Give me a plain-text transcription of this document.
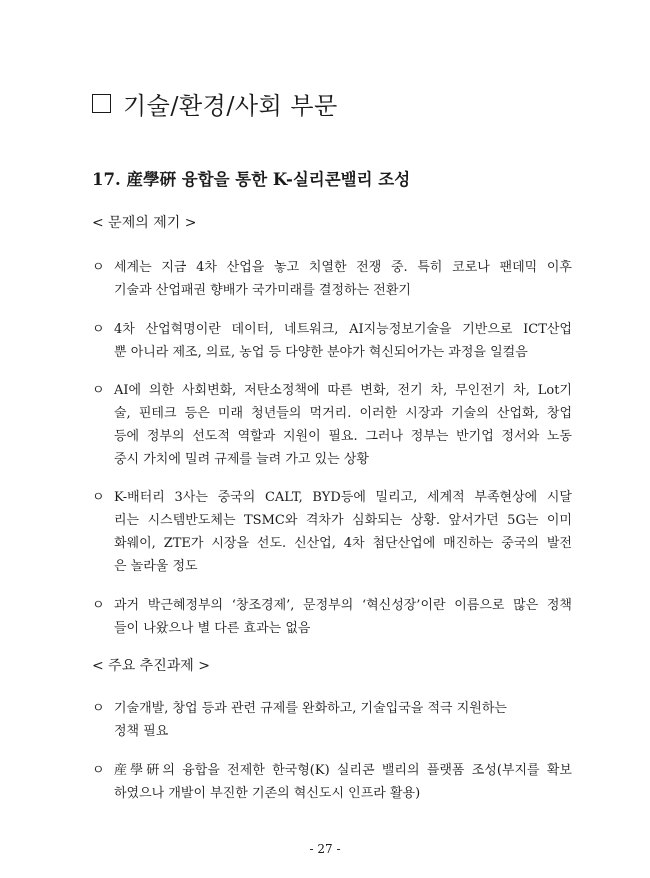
기술/환경/사회 부문
17. 産學硏 융합을 통한 K-실리콘밸리 조성
< 문제의 제기 >
ㅇ 세계는 지금 4차 산업을 놓고 치열한 전쟁 중. 특히 코로나 팬데믹 이후
기술과 산업패권 향배가 국가미래를 결정하는 전환기
ㅇ 4차 산업혁명이란 데이터, 네트워크, AI지능정보기술을 기반으로 ICT산업
뿐 아니라 제조, 의료, 농업 등 다양한 분야가 혁신되어가는 과정을 일컬음
ㅇ AI에 의한 사회변화, 저탄소정책에 따른 변화, 전기 차, 무인전기 차, Lot기
술, 핀테크 등은 미래 청년들의 먹거리. 이러한 시장과 기술의 산업화, 창업
등에 정부의 선도적 역할과 지원이 필요. 그러나 정부는 반기업 정서와 노동
중시 가치에 밀려 규제를 늘려 가고 있는 상황
ㅇ K-배터리 3사는 중국의 CALT, BYD등에 밀리고, 세계적 부족현상에 시달
리는 시스템반도체는 TSMC와 격차가 심화되는 상황. 앞서가던 5G는 이미
화웨이, ZTE가 시장을 선도. 신산업, 4차 첨단산업에 매진하는 중국의 발전
은 놀라울 정도
ㅇ 과거 박근혜정부의 ‘창조경제’, 문정부의 ‘혁신성장’이란 이름으로 많은 정책
들이 나왔으나 별 다른 효과는 없음
< 주요 추진과제 >
ㅇ 기술개발, 창업 등과 관련 규제를 완화하고, 기술입국을 적극 지원하는
정책 필요
ㅇ 産學硏의 융합을 전제한 한국형(K) 실리콘 밸리의 플랫폼 조성(부지를 확보
하였으나 개발이 부진한 기존의 혁신도시 인프라 활용)
- 27 -
